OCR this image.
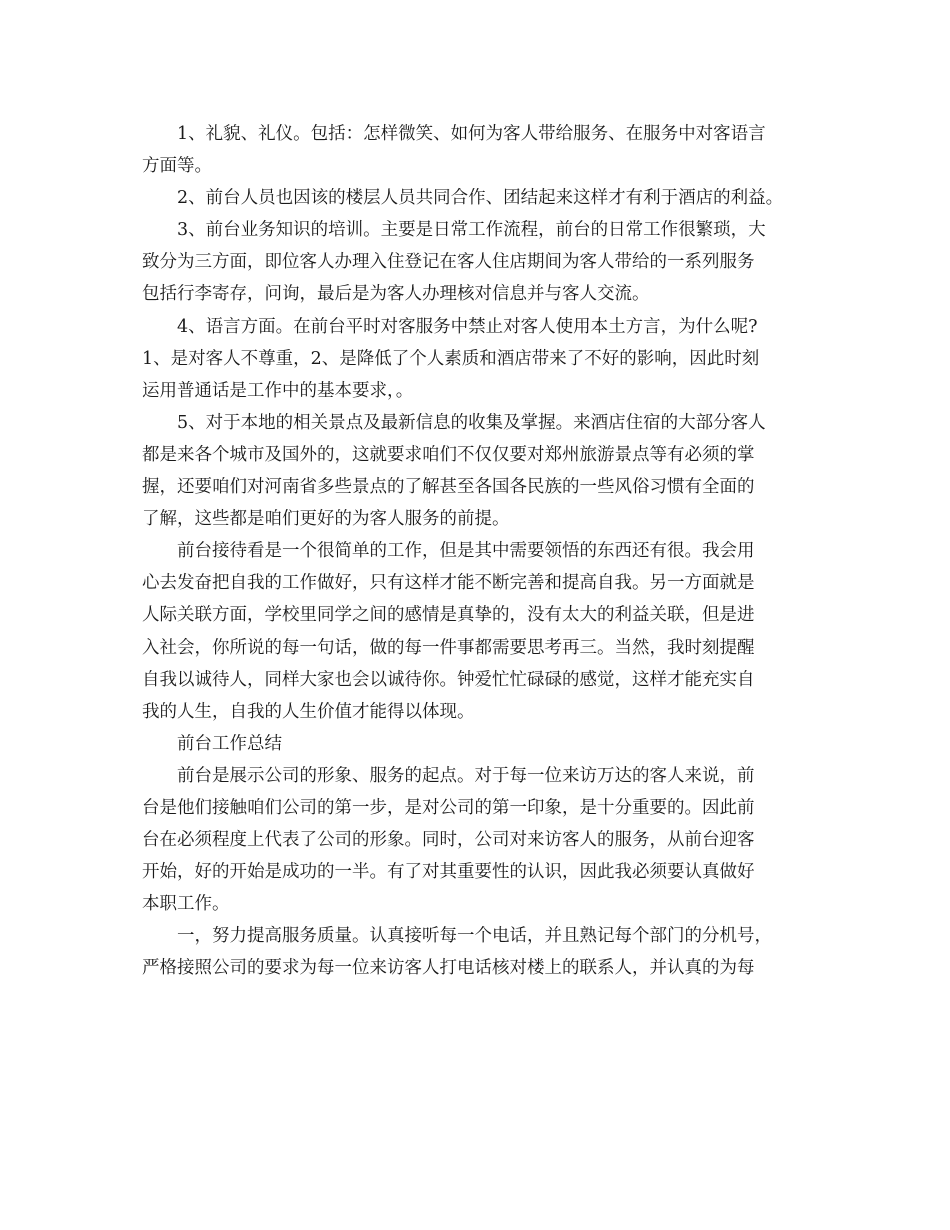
1、礼貌、礼仪。包括：怎样微笑、如何为客人带给服务、在服务中对客语言
方面等。
2、前台人员也因该的楼层人员共同合作、团结起来这样才有利于酒店的利益。
3、前台业务知识的培训。主要是日常工作流程，前台的日常工作很繁琐，大
致分为三方面，即位客人办理入住登记在客人住店期间为客人带给的一系列服务
包括行李寄存，问询，最后是为客人办理核对信息并与客人交流。
4、语言方面。在前台平时对客服务中禁止对客人使用本土方言，为什么呢?
1、是对客人不尊重，2、是降低了个人素质和酒店带来了不好的影响，因此时刻
运用普通话是工作中的基本要求，。
5、对于本地的相关景点及最新信息的收集及掌握。来酒店住宿的大部分客人
都是来各个城市及国外的，这就要求咱们不仅仅要对郑州旅游景点等有必须的掌
握，还要咱们对河南省多些景点的了解甚至各国各民族的一些风俗习惯有全面的
了解，这些都是咱们更好的为客人服务的前提。
前台接待看是一个很简单的工作，但是其中需要领悟的东西还有很。我会用
心去发奋把自我的工作做好，只有这样才能不断完善和提高自我。另一方面就是
人际关联方面，学校里同学之间的感情是真挚的，没有太大的利益关联，但是进
入社会，你所说的每一句话，做的每一件事都需要思考再三。当然，我时刻提醒
自我以诚待人，同样大家也会以诚待你。钟爱忙忙碌碌的感觉，这样才能充实自
我的人生，自我的人生价值才能得以体现。
前台工作总结
前台是展示公司的形象、服务的起点。对于每一位来访万达的客人来说，前
台是他们接触咱们公司的第一步，是对公司的第一印象，是十分重要的。因此前
台在必须程度上代表了公司的形象。同时，公司对来访客人的服务，从前台迎客
开始，好的开始是成功的一半。有了对其重要性的认识，因此我必须要认真做好
本职工作。
一，努力提高服务质量。认真接听每一个电话，并且熟记每个部门的分机号，
严格接照公司的要求为每一位来访客人打电话核对楼上的联系人，并认真的为每
